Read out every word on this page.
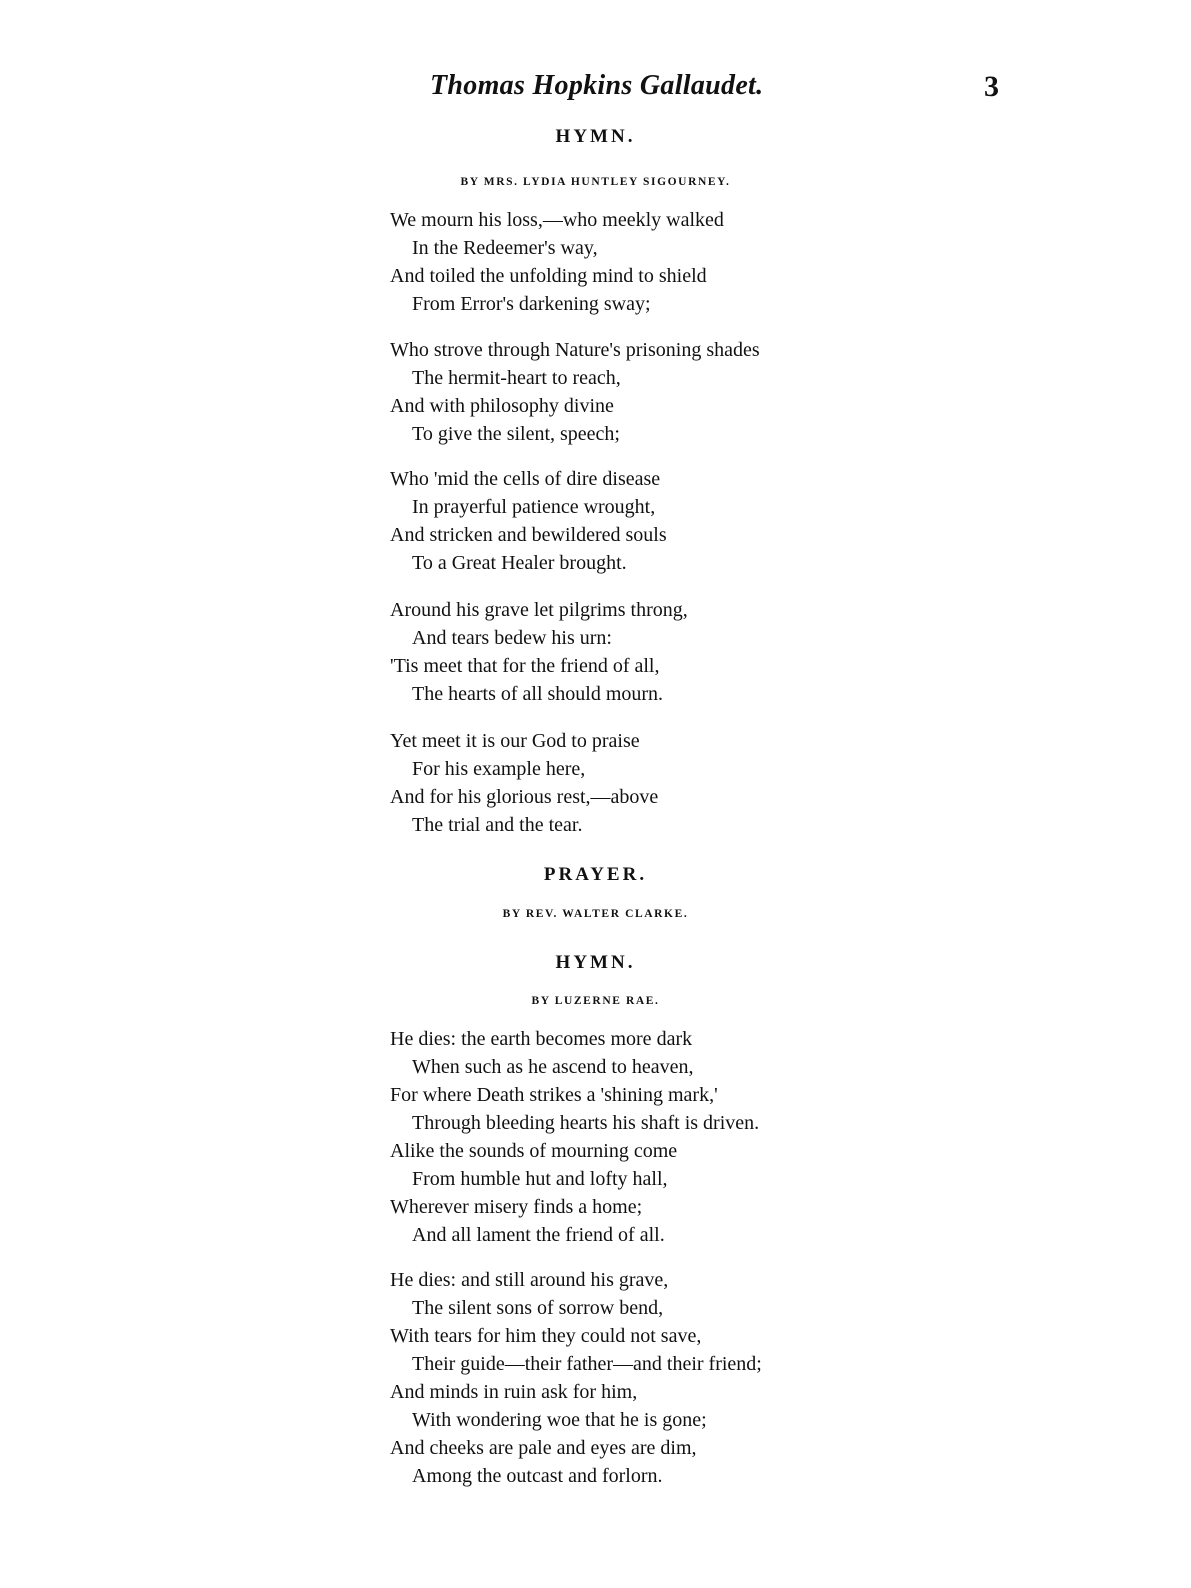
Thomas Hopkins Gallaudet.	3
HYMN.
BY MRS. LYDIA HUNTLEY SIGOURNEY.
We mourn his loss,—who meekly walked
In the Redeemer's way,
And toiled the unfolding mind to shield
From Error's darkening sway;
Who strove through Nature's prisoning shades
The hermit-heart to reach,
And with philosophy divine
To give the silent, speech;
Who 'mid the cells of dire disease
In prayerful patience wrought,
And stricken and bewildered souls
To a Great Healer brought.
Around his grave let pilgrims throng,
And tears bedew his urn:
'Tis meet that for the friend of all,
The hearts of all should mourn.
Yet meet it is our God to praise
For his example here,
And for his glorious rest,—above
The trial and the tear.
PRAYER.
BY REV. WALTER CLARKE.
HYMN.
BY LUZERNE RAE.
He dies: the earth becomes more dark
When such as he ascend to heaven,
For where Death strikes a 'shining mark,'
Through bleeding hearts his shaft is driven.
Alike the sounds of mourning come
From humble hut and lofty hall,
Wherever misery finds a home;
And all lament the friend of all.
He dies: and still around his grave,
The silent sons of sorrow bend,
With tears for him they could not save,
Their guide—their father—and their friend;
And minds in ruin ask for him,
With wondering woe that he is gone;
And cheeks are pale and eyes are dim,
Among the outcast and forlorn.
